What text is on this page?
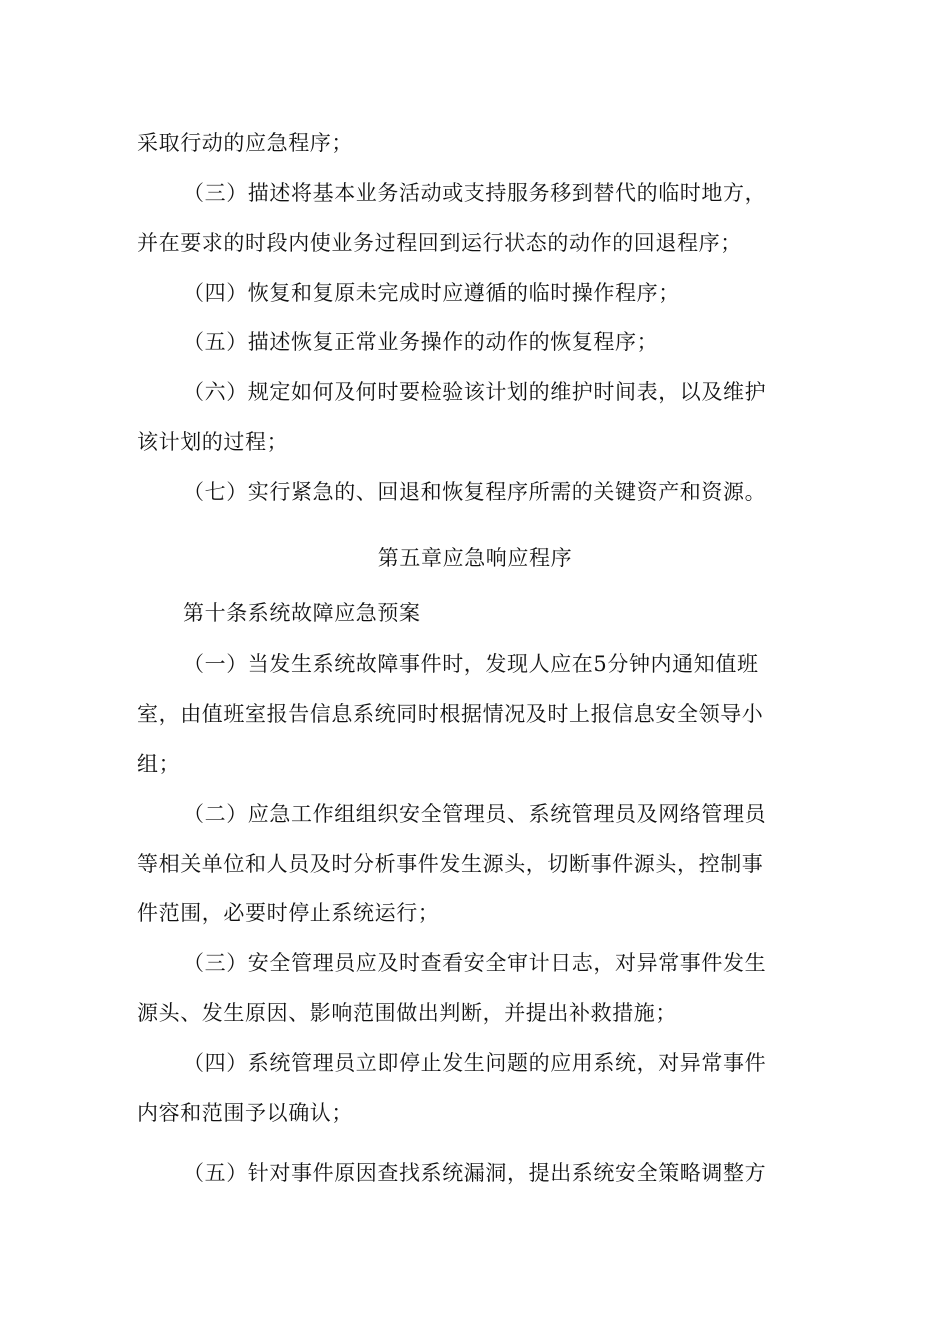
采取行动的应急程序；
（三）描述将基本业务活动或支持服务移到替代的临时地方，
并在要求的时段内使业务过程回到运行状态的动作的回退程序；
（四）恢复和复原未完成时应遵循的临时操作程序；
（五）描述恢复正常业务操作的动作的恢复程序；
（六）规定如何及何时要检验该计划的维护时间表，以及维护
该计划的过程；
（七）实行紧急的、回退和恢复程序所需的关键资产和资源。
第五章应急响应程序
第十条系统故障应急预案
（一）当发生系统故障事件时，发现人应在5分钟内通知值班
室，由值班室报告信息系统同时根据情况及时上报信息安全领导小
组；
（二）应急工作组组织安全管理员、系统管理员及网络管理员
等相关单位和人员及时分析事件发生源头，切断事件源头，控制事
件范围，必要时停止系统运行；
（三）安全管理员应及时查看安全审计日志，对异常事件发生
源头、发生原因、影响范围做出判断，并提出补救措施；
（四）系统管理员立即停止发生问题的应用系统，对异常事件
内容和范围予以确认；
（五）针对事件原因查找系统漏洞，提出系统安全策略调整方
